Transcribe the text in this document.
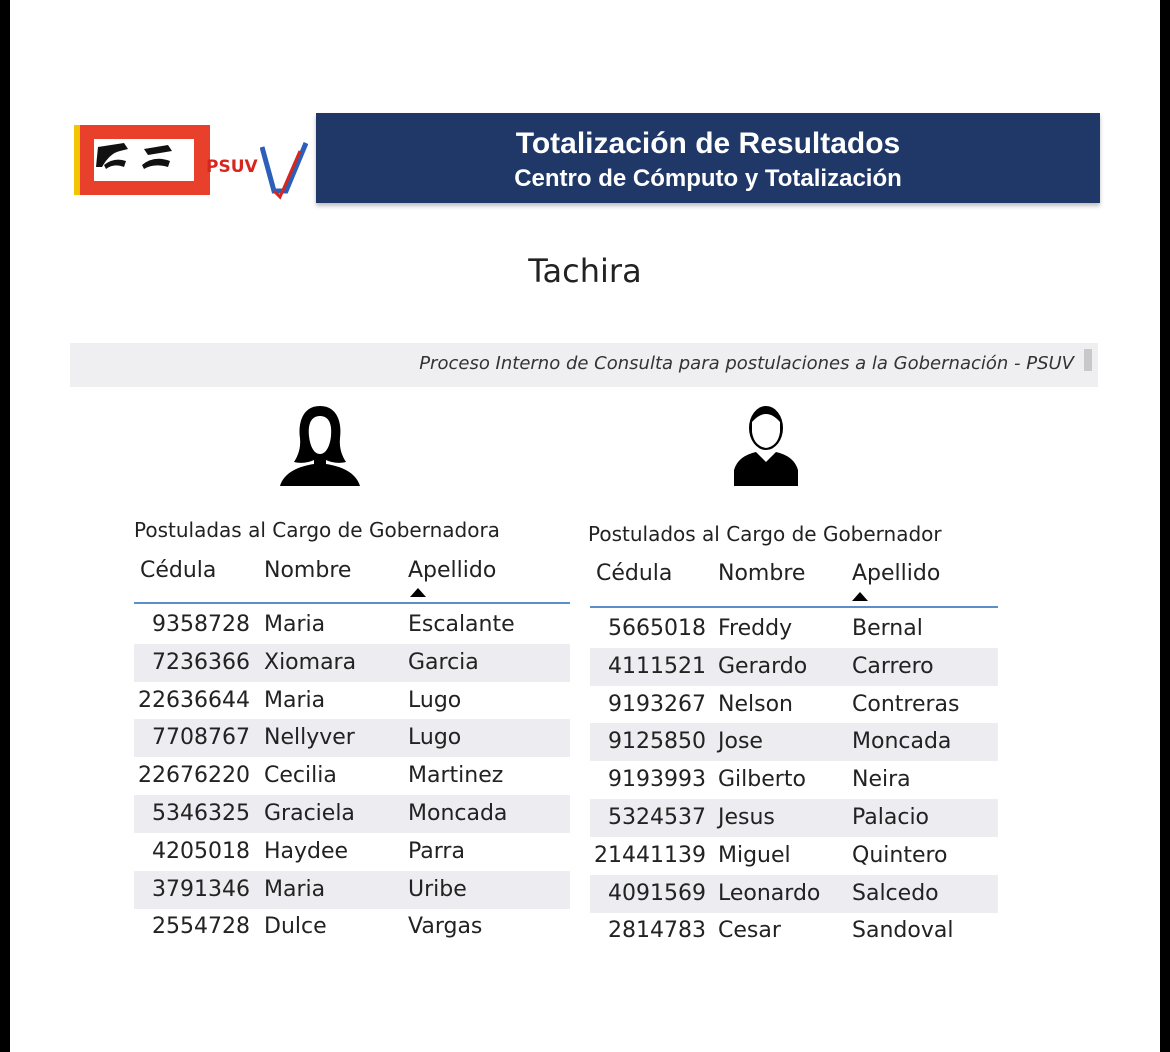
PSUV
Totalización de Resultados
Centro de Cómputo y Totalización
Tachira
Proceso Interno de Consulta para postulaciones a la Gobernación - PSUV
Postuladas al Cargo de Gobernadora
Cédula Nombre	Apellido
9358728 Maria	Escalante
7236366 Xiomara Garcia
22636644 Maria	Lugo
7708767 Nellyver Lugo
22676220 Cecilia	Martinez
5346325 Graciela Moncada
4205018 Haydee	Parra
3791346 Maria	Uribe
2554728 Dulce	Vargas
Postulados al Cargo de Gobernador
Cédula Nombre Apellido
5665018 Freddy	Bernal
4111521 Gerardo Carrero
9193267 Nelson	Contreras
9125850 Jose	Moncada
9193993 Gilberto Neira
5324537 Jesus	Palacio
21441139 Miguel	Quintero
4091569 Leonardo Salcedo
2814783 Cesar	Sandoval
